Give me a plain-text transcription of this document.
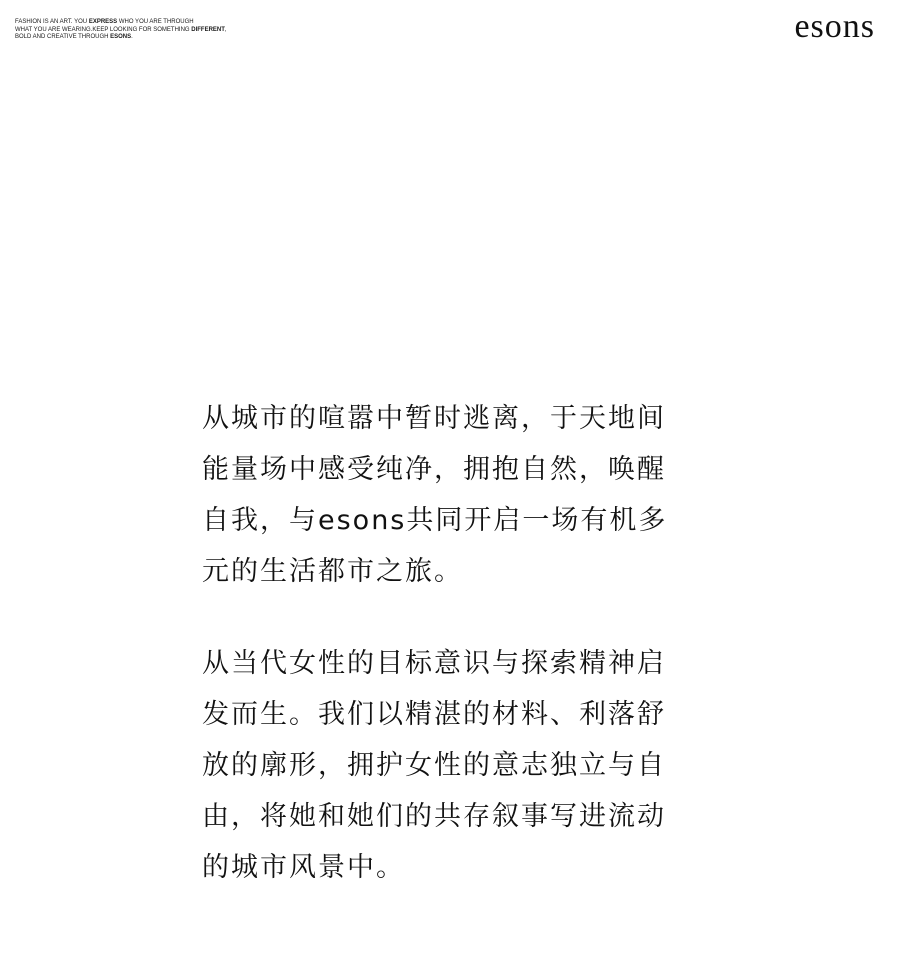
FASHION IS AN ART. YOU EXPRESS WHO YOU ARE THROUGH
WHAT YOU ARE WEARING.KEEP LOOKING FOR SOMETHING DIFFERENT,
BOLD AND CREATIVE THROUGH ESONS.	esons

从城市的喧嚣中暂时逃离，于天地间

能量场中感受纯净，拥抱自然，唤醒

自我，与esons共同开启一场有机多

元的生活都市之旅。

从当代女性的目标意识与探索精神启

发而生。我们以精湛的材料、利落舒

放的廓形，拥护女性的意志独立与自

由，将她和她们的共存叙事写进流动

的城市风景中。
